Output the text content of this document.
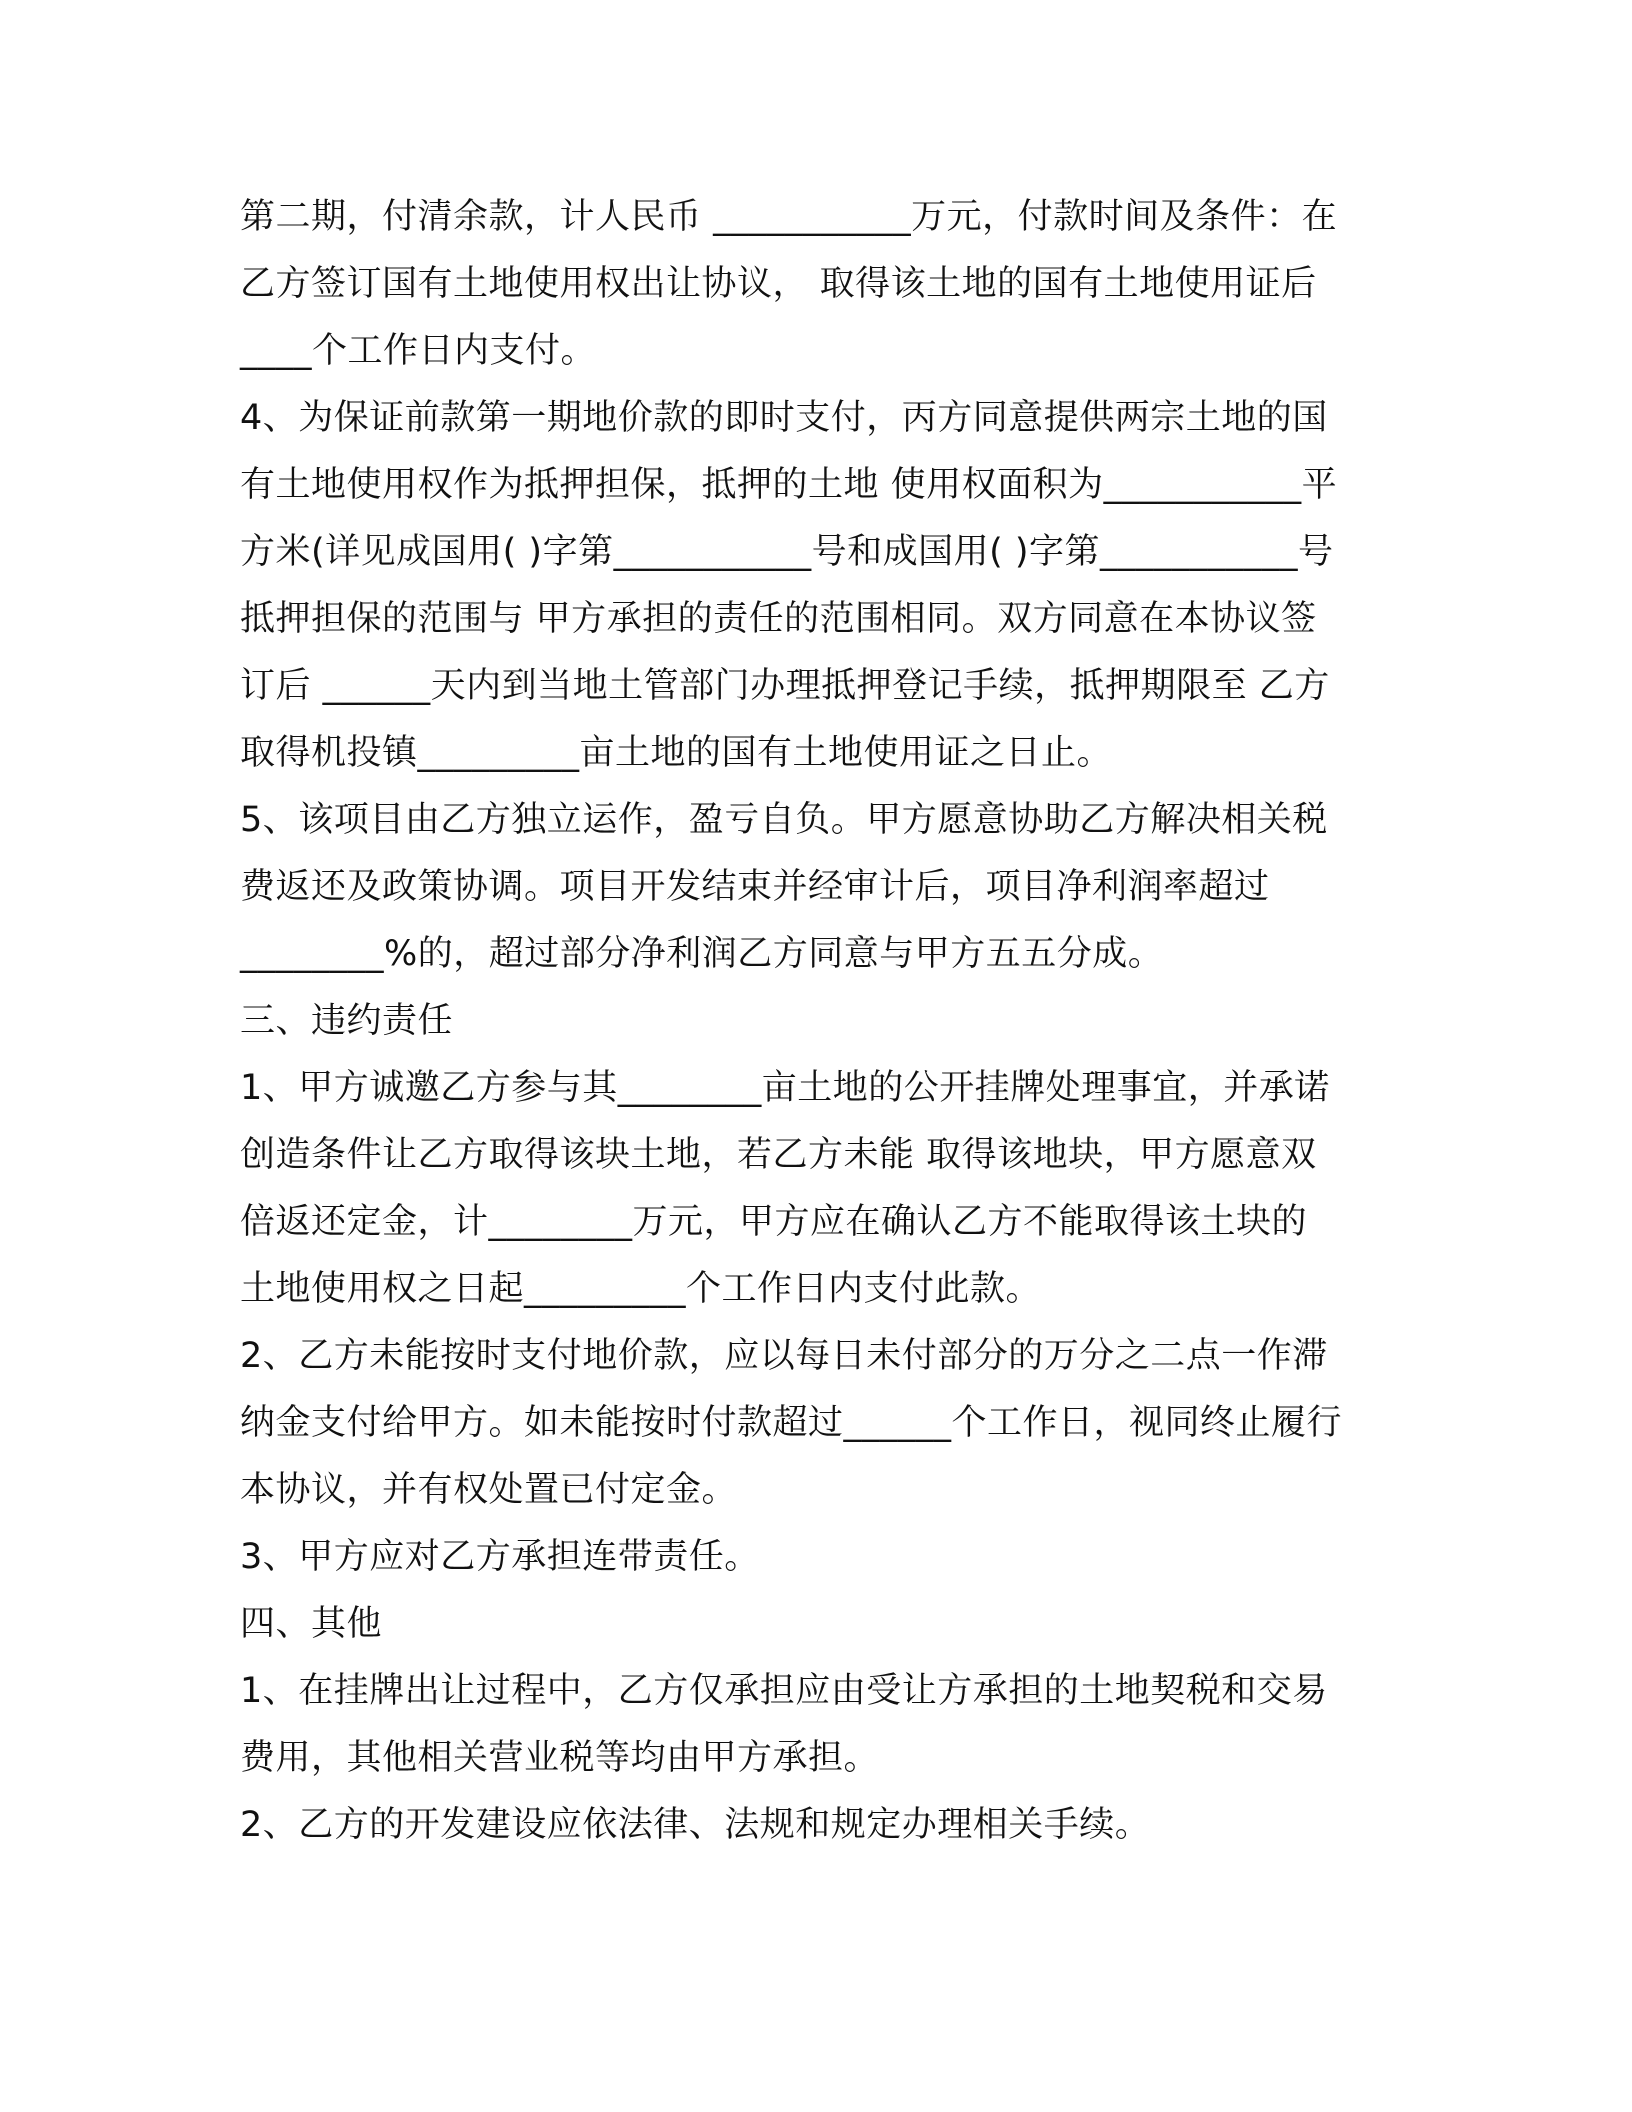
第二期，付清余款，计人民币 ___________万元，付款时间及条件：在
乙方签订国有土地使用权出让协议， 取得该土地的国有土地使用证后
____个工作日内支付。
4、为保证前款第一期地价款的即时支付，丙方同意提供两宗土地的国
有土地使用权作为抵押担保，抵押的土地 使用权面积为___________平
方米(详见成国用( )字第___________号和成国用( )字第___________号
抵押担保的范围与 甲方承担的责任的范围相同。双方同意在本协议签
订后 ______天内到当地土管部门办理抵押登记手续，抵押期限至 乙方
取得机投镇_________亩土地的国有土地使用证之日止。
5、该项目由乙方独立运作，盈亏自负。甲方愿意协助乙方解决相关税
费返还及政策协调。项目开发结束并经审计后，项目净利润率超过
________%的，超过部分净利润乙方同意与甲方五五分成。
三、违约责任
1、甲方诚邀乙方参与其________亩土地的公开挂牌处理事宜，并承诺
创造条件让乙方取得该块土地，若乙方未能 取得该地块，甲方愿意双
倍返还定金，计________万元，甲方应在确认乙方不能取得该土块的
土地使用权之日起_________个工作日内支付此款。
2、乙方未能按时支付地价款，应以每日未付部分的万分之二点一作滞
纳金支付给甲方。如未能按时付款超过______个工作日，视同终止履行
本协议，并有权处置已付定金。
3、甲方应对乙方承担连带责任。
四、其他
1、在挂牌出让过程中，乙方仅承担应由受让方承担的土地契税和交易
费用，其他相关营业税等均由甲方承担。
2、乙方的开发建设应依法律、法规和规定办理相关手续。
